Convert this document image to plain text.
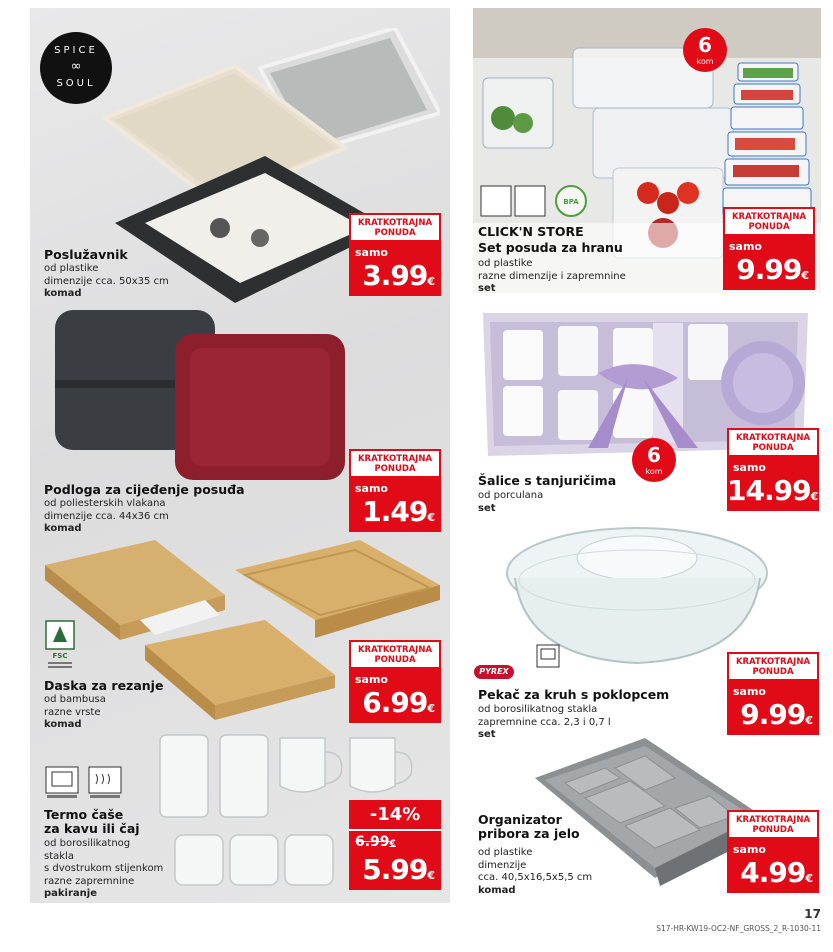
SPICE
∞
SOUL
Poslužavnik
od plastike
dimenzije cca. 50x35 cm
komad
KRATKOTRAJNA
PONUDA
samo
3.99€
BPA
6
kom
CLICK'N STORE
Set posuda za hranu
od plastike
razne dimenzije i zapremnine
set
KRATKOTRAJNA
PONUDA
samo
9.99€
Podloga za cijeđenje posuđa
od poliesterskih vlakana
dimenzije cca. 44x36 cm
komad
KRATKOTRAJNA
PONUDA
samo
1.49€
6
kom
Šalice s tanjuričima
od porculana
set
KRATKOTRAJNA
PONUDA
samo
14.99€
FSC
Daska za rezanje
od bambusa
razne vrste
komad
KRATKOTRAJNA
PONUDA
samo
6.99€
PYREX
Pekač za kruh s poklopcem
od borosilikatnog stakla
zapremnine cca. 2,3 i 0,7 l
set
KRATKOTRAJNA
PONUDA
samo
9.99€
Termo čaše
za kavu ili čaj
od borosilikatnog
stakla
s dvostrukom stijenkom
razne zapremnine
pakiranje
-14%
6.99€
5.99€
Organizator
pribora za jelo
od plastike
dimenzije
cca. 40,5x16,5x5,5 cm
komad
KRATKOTRAJNA
PONUDA
samo
4.99€
17
S17-HR-KW19-OC2-NF_GROSS_2_R-1030-11
